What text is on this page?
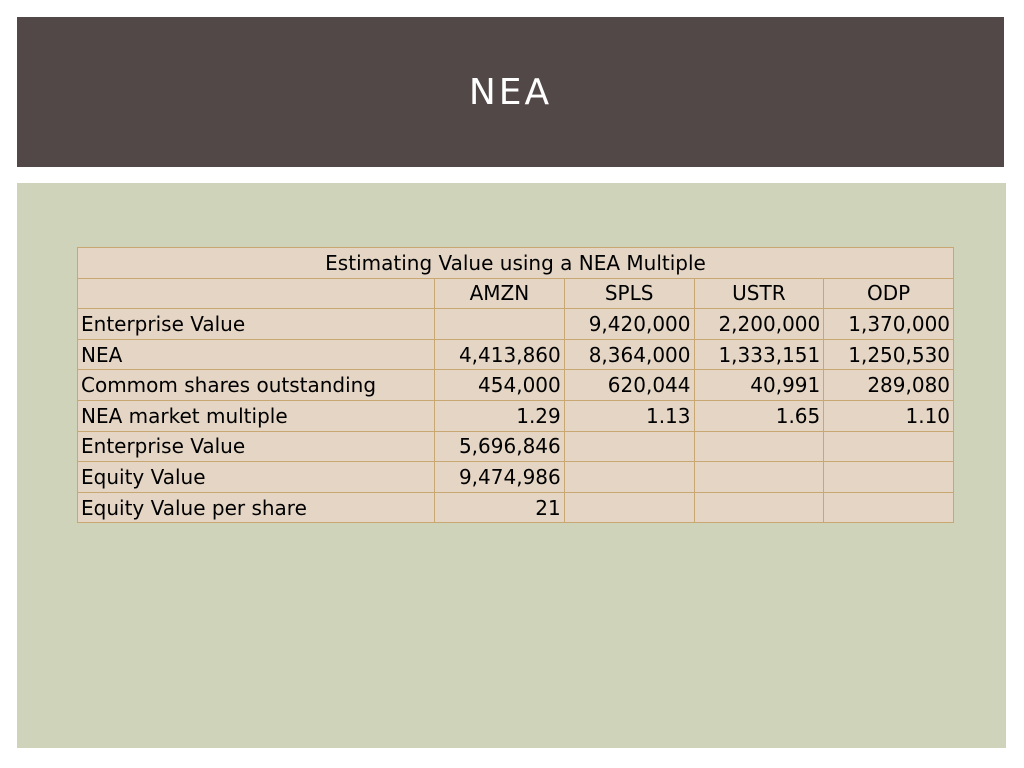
NEA
Estimating Value using a NEA Multiple				
	AMZN	SPLS	USTR	ODP
Enterprise Value		9,420,000	2,200,000	1,370,000
NEA	4,413,860	8,364,000	1,333,151	1,250,530
Commom shares outstanding	454,000	620,044	40,991	289,080
NEA market multiple	1.29	1.13	1.65	1.10
Enterprise Value	5,696,846			
Equity Value	9,474,986			
Equity Value per share	21			
